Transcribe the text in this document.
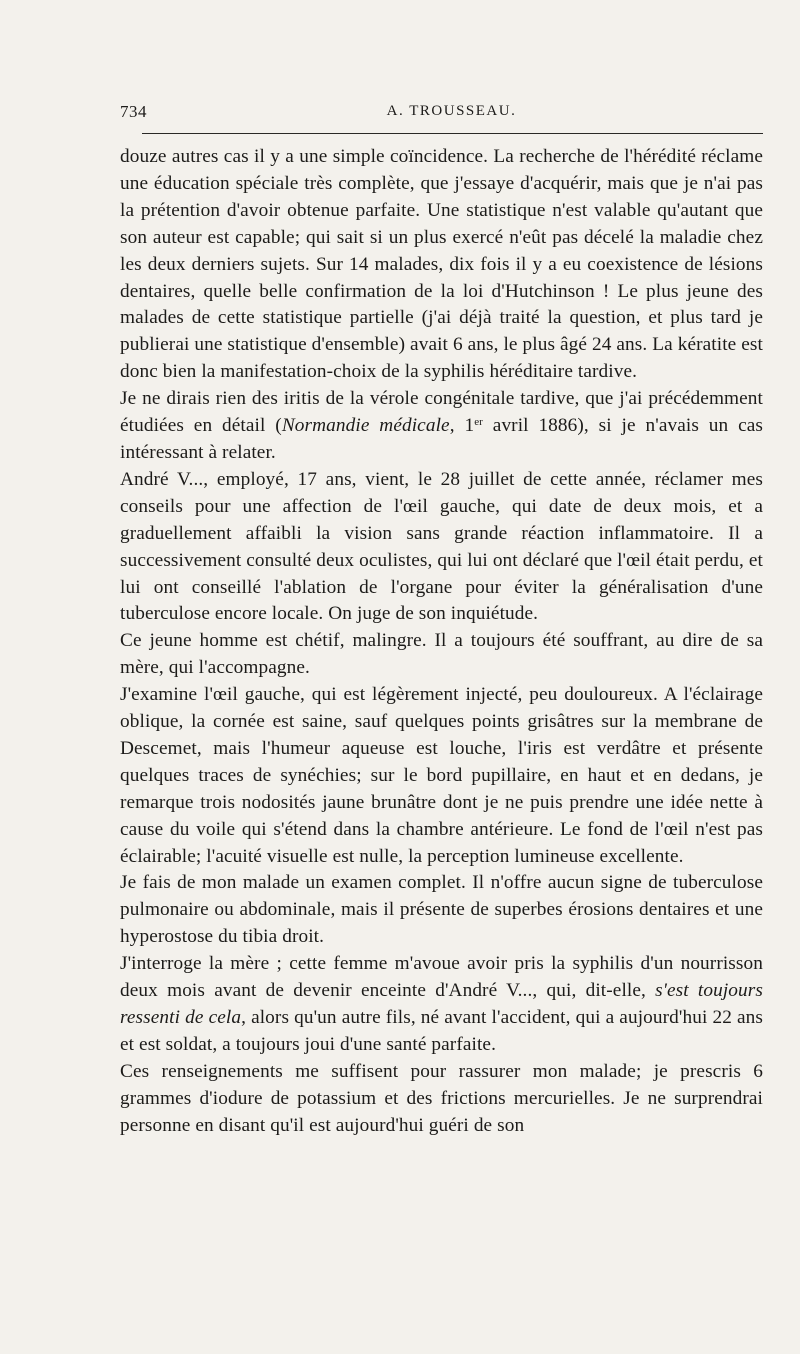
734	A. TROUSSEAU.

douze autres cas il y a une simple coïncidence. La recherche de l'hérédité réclame une éducation spéciale très complète, que j'essaye d'acquérir, mais que je n'ai pas la prétention d'avoir obtenue parfaite. Une statistique n'est valable qu'autant que son auteur est capable; qui sait si un plus exercé n'eût pas décelé la maladie chez les deux derniers sujets. Sur 14 malades, dix fois il y a eu coexistence de lésions dentaires, quelle belle confirmation de la loi d'Hutchinson ! Le plus jeune des malades de cette statistique partielle (j'ai déjà traité la question, et plus tard je publierai une statistique d'ensemble) avait 6 ans, le plus âgé 24 ans. La kératite est donc bien la manifestation-choix de la syphilis héréditaire tardive.

Je ne dirais rien des iritis de la vérole congénitale tardive, que j'ai précédemment étudiées en détail (Normandie médicale, 1er avril 1886), si je n'avais un cas intéressant à relater.

André V..., employé, 17 ans, vient, le 28 juillet de cette année, réclamer mes conseils pour une affection de l'œil gauche, qui date de deux mois, et a graduellement affaibli la vision sans grande réaction inflammatoire. Il a successivement consulté deux oculistes, qui lui ont déclaré que l'œil était perdu, et lui ont conseillé l'ablation de l'organe pour éviter la généralisation d'une tuberculose encore locale. On juge de son inquiétude.

Ce jeune homme est chétif, malingre. Il a toujours été souffrant, au dire de sa mère, qui l'accompagne.

J'examine l'œil gauche, qui est légèrement injecté, peu douloureux. A l'éclairage oblique, la cornée est saine, sauf quelques points grisâtres sur la membrane de Descemet, mais l'humeur aqueuse est louche, l'iris est verdâtre et présente quelques traces de synéchies; sur le bord pupillaire, en haut et en dedans, je remarque trois nodosités jaune brunâtre dont je ne puis prendre une idée nette à cause du voile qui s'étend dans la chambre antérieure. Le fond de l'œil n'est pas éclairable; l'acuité visuelle est nulle, la perception lumineuse excellente.

Je fais de mon malade un examen complet. Il n'offre aucun signe de tuberculose pulmonaire ou abdominale, mais il présente de superbes érosions dentaires et une hyperostose du tibia droit.

J'interroge la mère ; cette femme m'avoue avoir pris la syphilis d'un nourrisson deux mois avant de devenir enceinte d'André V..., qui, dit-elle, s'est toujours ressenti de cela, alors qu'un autre fils, né avant l'accident, qui a aujourd'hui 22 ans et est soldat, a toujours joui d'une santé parfaite.

Ces renseignements me suffisent pour rassurer mon malade; je prescris 6 grammes d'iodure de potassium et des frictions mercurielles. Je ne surprendrai personne en disant qu'il est aujourd'hui guéri de son
